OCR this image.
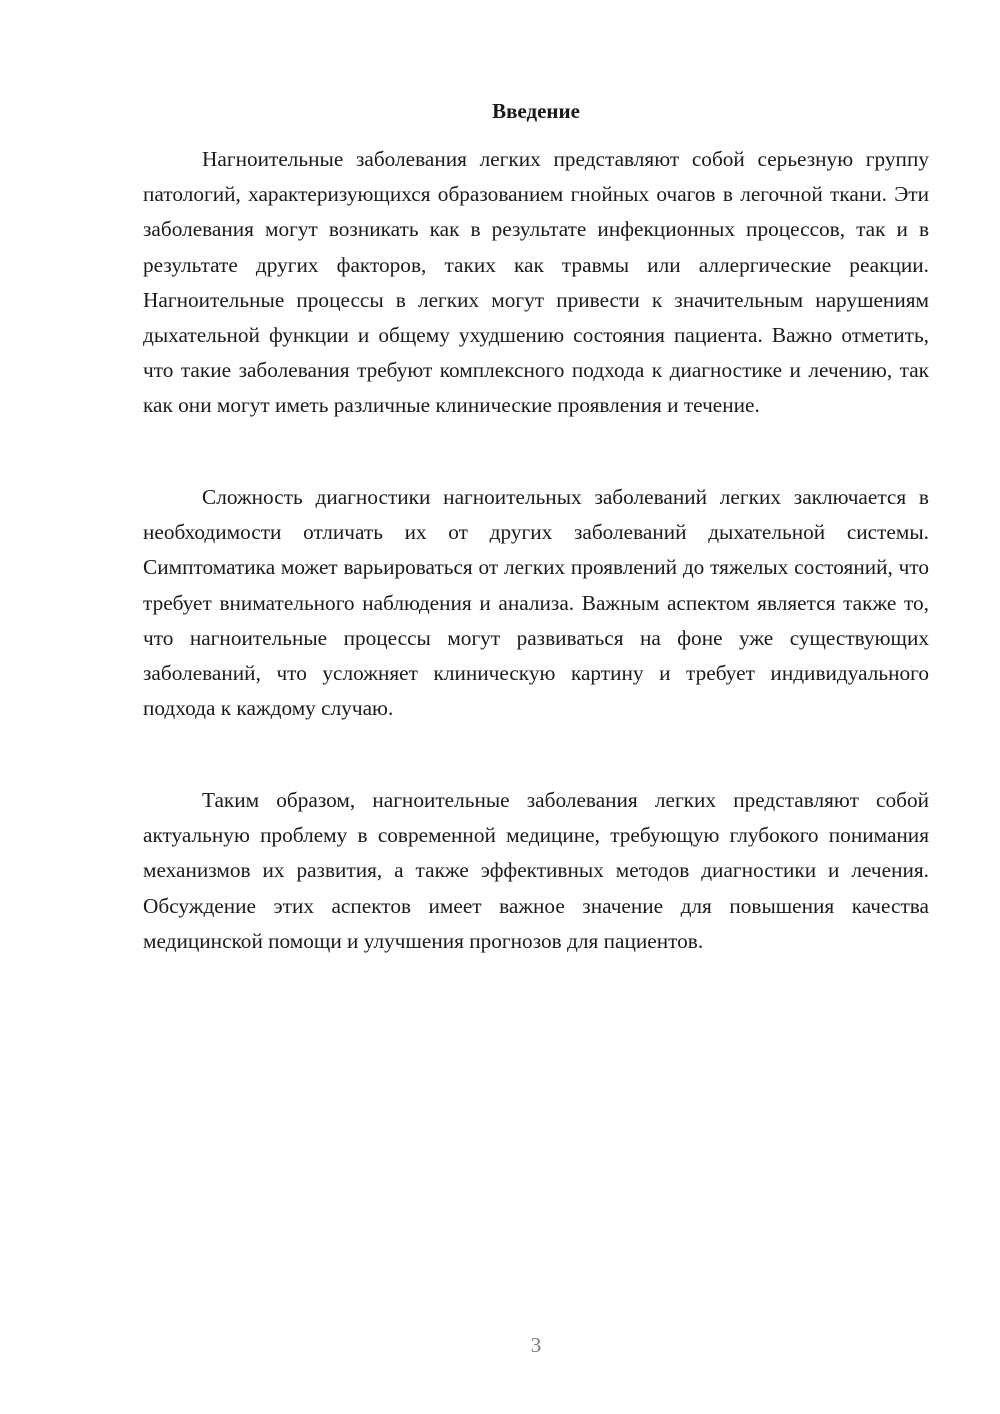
Введение

Нагноительные заболевания легких представляют собой серьезную группу патологий, характеризующихся образованием гнойных очагов в легочной ткани. Эти заболевания могут возникать как в результате инфекционных процессов, так и в результате других факторов, таких как травмы или аллергические реакции. Нагноительные процессы в легких могут привести к значительным нарушениям дыхательной функции и общему ухудшению состояния пациента. Важно отметить, что такие заболевания требуют комплексного подхода к диагностике и лечению, так как они могут иметь различные клинические проявления и течение.

Сложность диагностики нагноительных заболеваний легких заключается в необходимости отличать их от других заболеваний дыхательной системы. Симптоматика может варьироваться от легких проявлений до тяжелых состояний, что требует внимательного наблюдения и анализа. Важным аспектом является также то, что нагноительные процессы могут развиваться на фоне уже существующих заболеваний, что усложняет клиническую картину и требует индивидуального подхода к каждому случаю.

Таким образом, нагноительные заболевания легких представляют собой актуальную проблему в современной медицине, требующую глубокого понимания механизмов их развития, а также эффективных методов диагностики и лечения. Обсуждение этих аспектов имеет важное значение для повышения качества медицинской помощи и улучшения прогнозов для пациентов.

3
